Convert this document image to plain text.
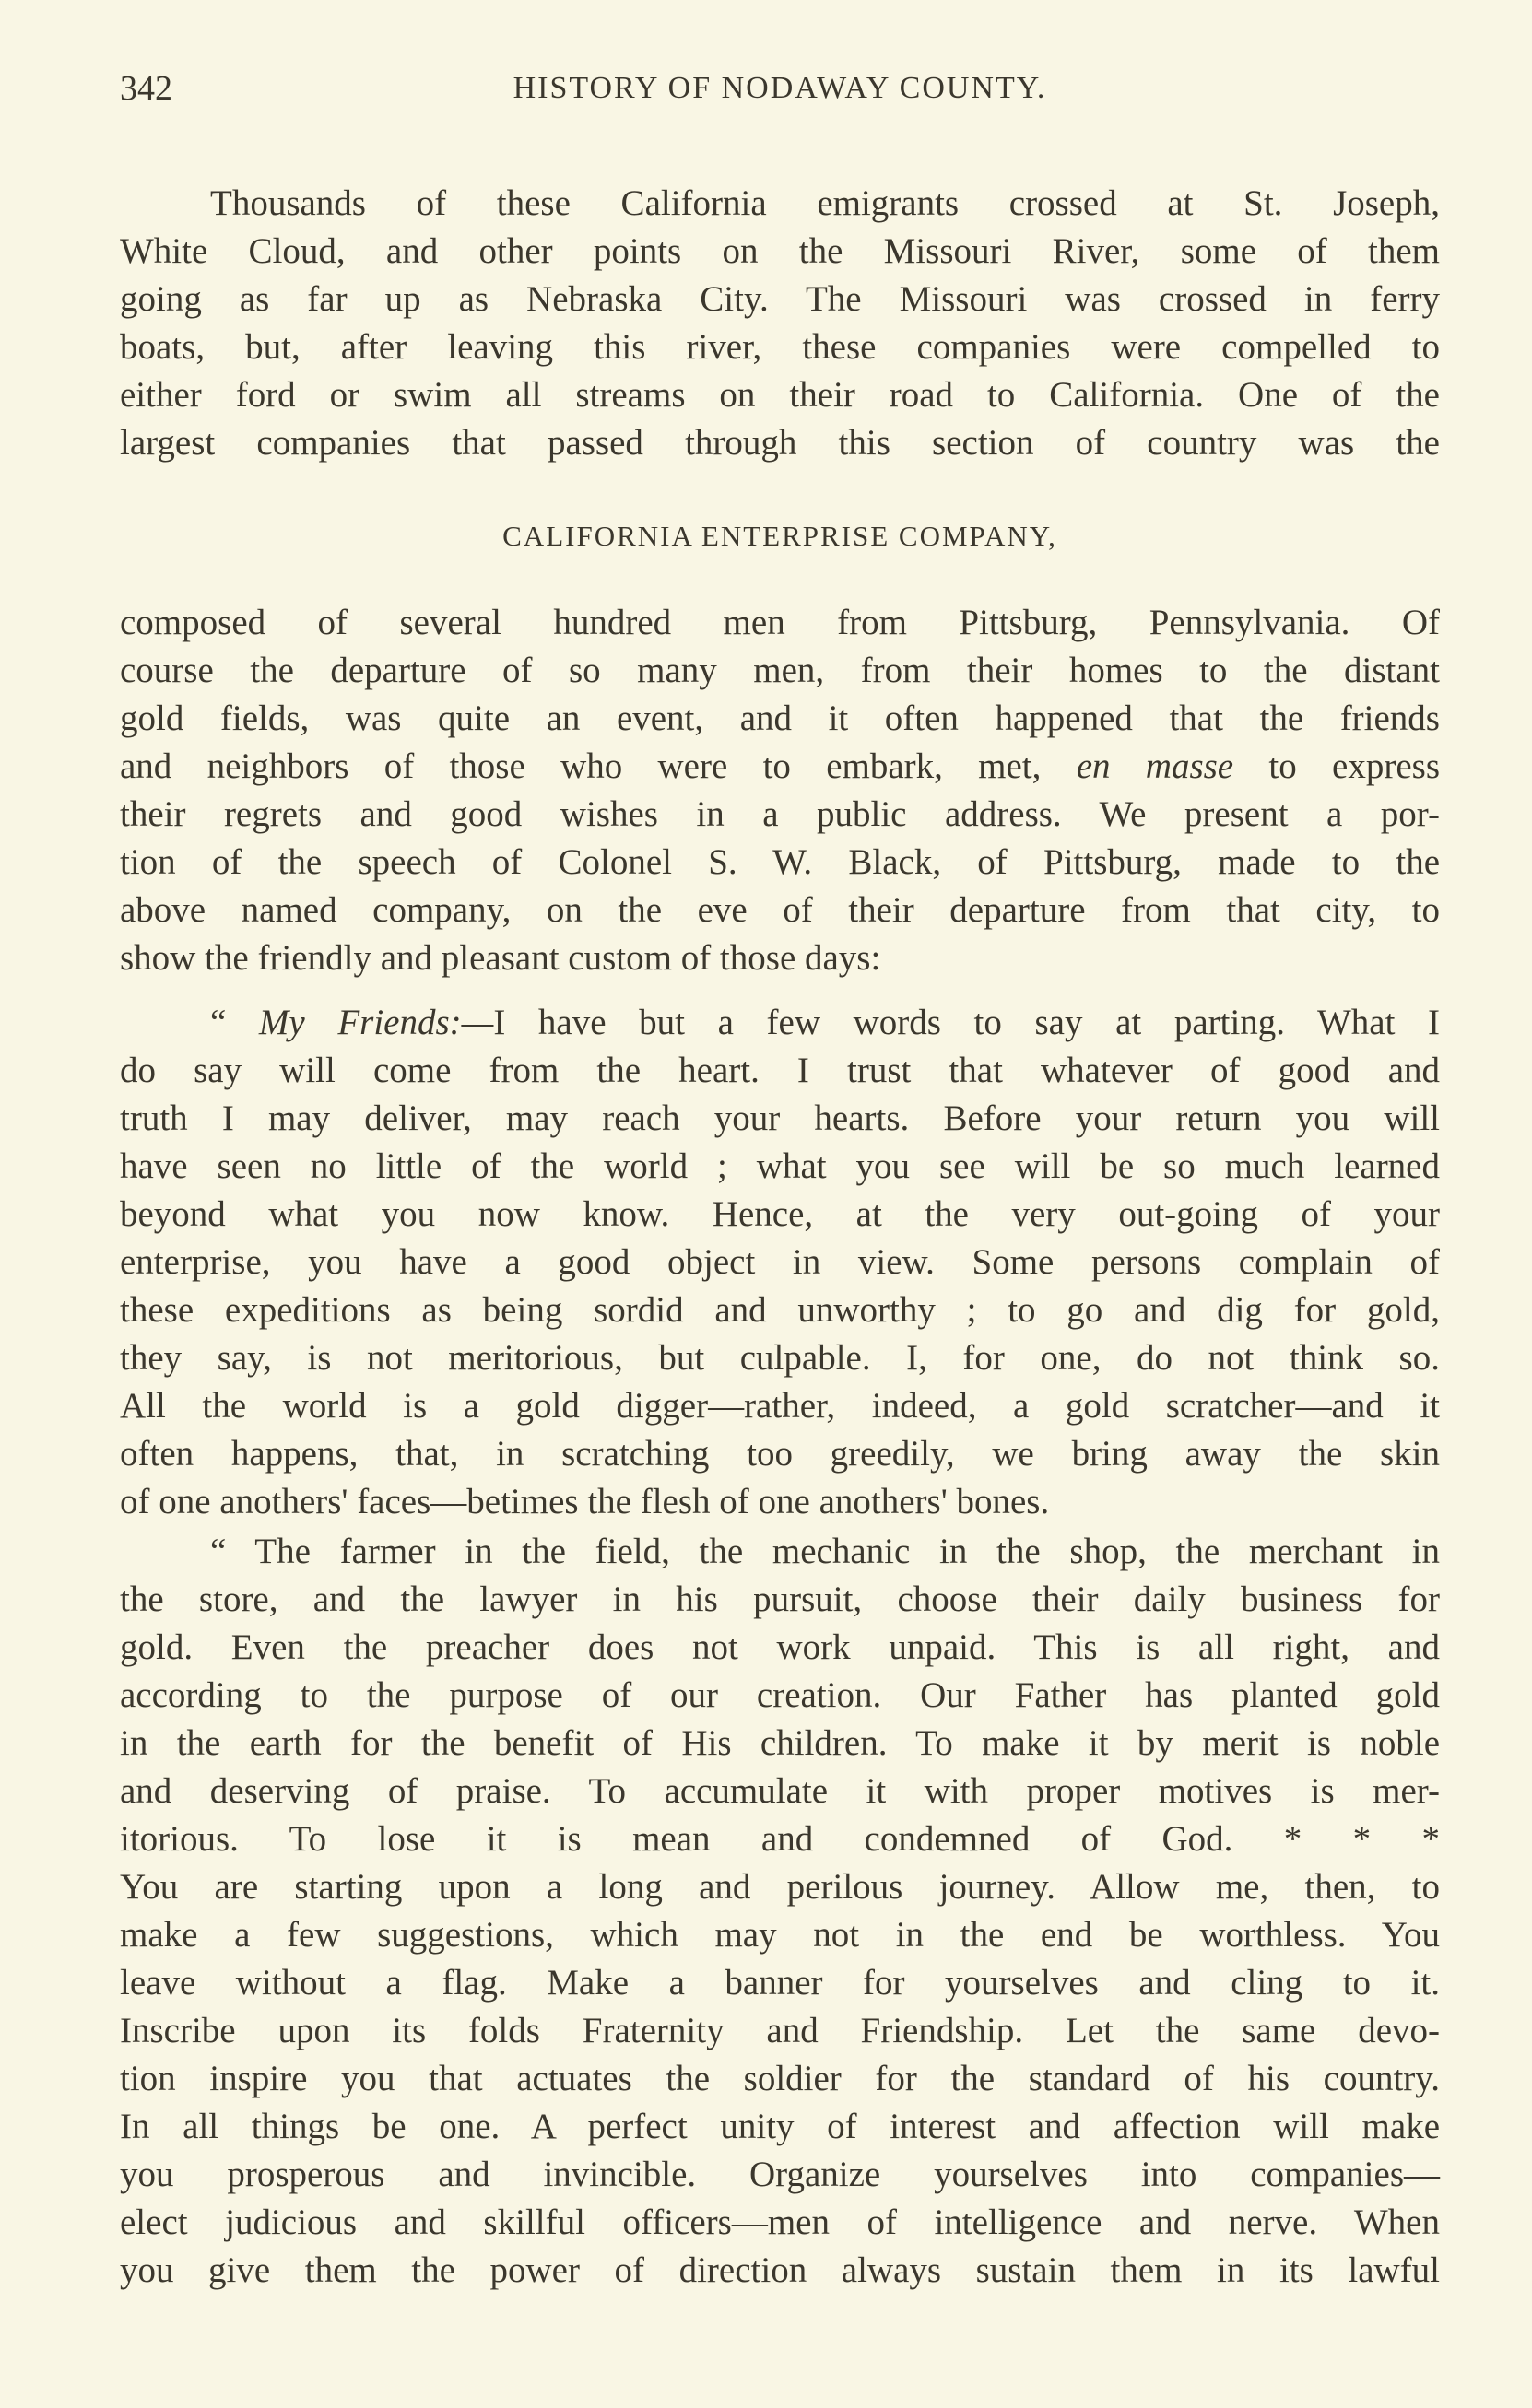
342	HISTORY OF NODAWAY COUNTY.
Thousands of these California emigrants crossed at St. Joseph,
White Cloud, and other points on the Missouri River, some of them
going as far up as Nebraska City. The Missouri was crossed in ferry
boats, but, after leaving this river, these companies were compelled to
either ford or swim all streams on their road to California. One of the
largest companies that passed through this section of country was the
CALIFORNIA ENTERPRISE COMPANY,
composed of several hundred men from Pittsburg, Pennsylvania. Of
course the departure of so many men, from their homes to the distant
gold fields, was quite an event, and it often happened that the friends
and neighbors of those who were to embark, met, en masse to express
their regrets and good wishes in a public address. We present a por-
tion of the speech of Colonel S. W. Black, of Pittsburg, made to the
above named company, on the eve of their departure from that city, to
show the friendly and pleasant custom of those days:
“ My Friends:—I have but a few words to say at parting. What I
do say will come from the heart. I trust that whatever of good and
truth I may deliver, may reach your hearts. Before your return you will
have seen no little of the world ; what you see will be so much learned
beyond what you now know. Hence, at the very out-going of your
enterprise, you have a good object in view. Some persons complain of
these expeditions as being sordid and unworthy ; to go and dig for gold,
they say, is not meritorious, but culpable. I, for one, do not think so.
All the world is a gold digger—rather, indeed, a gold scratcher—and it
often happens, that, in scratching too greedily, we bring away the skin
of one anothers' faces—betimes the flesh of one anothers' bones.
“ The farmer in the field, the mechanic in the shop, the merchant in
the store, and the lawyer in his pursuit, choose their daily business for
gold. Even the preacher does not work unpaid. This is all right, and
according to the purpose of our creation. Our Father has planted gold
in the earth for the benefit of His children. To make it by merit is noble
and deserving of praise. To accumulate it with proper motives is mer-
itorious. To lose it is mean and condemned of God. * * *
You are starting upon a long and perilous journey. Allow me, then, to
make a few suggestions, which may not in the end be worthless. You
leave without a flag. Make a banner for yourselves and cling to it.
Inscribe upon its folds Fraternity and Friendship. Let the same devo-
tion inspire you that actuates the soldier for the standard of his country.
In all things be one. A perfect unity of interest and affection will make
you prosperous and invincible. Organize yourselves into companies—
elect judicious and skillful officers—men of intelligence and nerve. When
you give them the power of direction always sustain them in its lawful
